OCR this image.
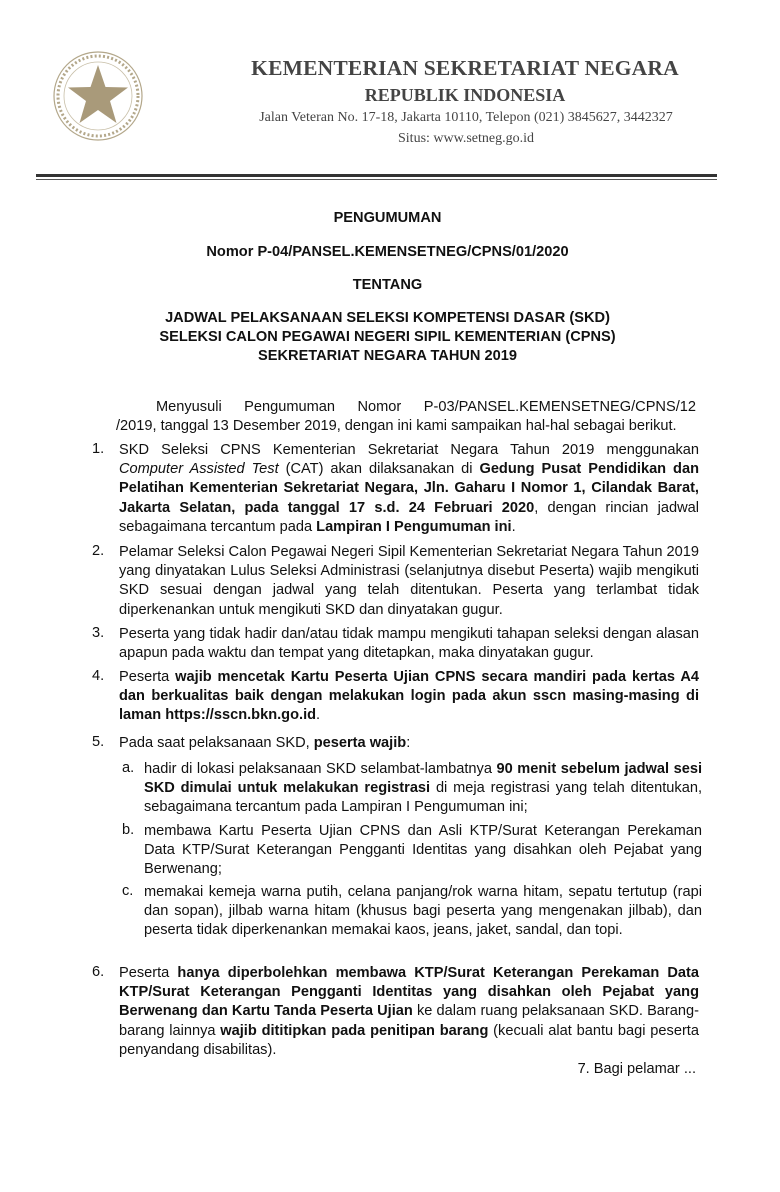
KEMENTERIAN SEKRETARIAT NEGARA
REPUBLIK INDONESIA
Jalan Veteran No. 17-18, Jakarta 10110, Telepon (021) 3845627, 3442327
Situs: www.setneg.go.id
PENGUMUMAN
Nomor P-04/PANSEL.KEMENSETNEG/CPNS/01/2020
TENTANG
JADWAL PELAKSANAAN SELEKSI KOMPETENSI DASAR (SKD)
SELEKSI CALON PEGAWAI NEGERI SIPIL KEMENTERIAN (CPNS)
SEKRETARIAT NEGARA TAHUN 2019
Menyusuli Pengumuman Nomor P-03/PANSEL.KEMENSETNEG/CPNS/12
/2019, tanggal 13 Desember 2019, dengan ini kami sampaikan hal-hal sebagai berikut.
1. SKD Seleksi CPNS Kementerian Sekretariat Negara Tahun 2019 menggunakan Computer Assisted Test (CAT) akan dilaksanakan di Gedung Pusat Pendidikan dan Pelatihan Kementerian Sekretariat Negara, Jln. Gaharu I Nomor 1, Cilandak Barat, Jakarta Selatan, pada tanggal 17 s.d. 24 Februari 2020, dengan rincian jadwal sebagaimana tercantum pada Lampiran I Pengumuman ini.
2. Pelamar Seleksi Calon Pegawai Negeri Sipil Kementerian Sekretariat Negara Tahun 2019 yang dinyatakan Lulus Seleksi Administrasi (selanjutnya disebut Peserta) wajib mengikuti SKD sesuai dengan jadwal yang telah ditentukan. Peserta yang terlambat tidak diperkenankan untuk mengikuti SKD dan dinyatakan gugur.
3. Peserta yang tidak hadir dan/atau tidak mampu mengikuti tahapan seleksi dengan alasan apapun pada waktu dan tempat yang ditetapkan, maka dinyatakan gugur.
4. Peserta wajib mencetak Kartu Peserta Ujian CPNS secara mandiri pada kertas A4 dan berkualitas baik dengan melakukan login pada akun sscn masing-masing di laman https://sscn.bkn.go.id.
5. Pada saat pelaksanaan SKD, peserta wajib:
a. hadir di lokasi pelaksanaan SKD selambat-lambatnya 90 menit sebelum jadwal sesi SKD dimulai untuk melakukan registrasi di meja registrasi yang telah ditentukan, sebagaimana tercantum pada Lampiran I Pengumuman ini;
b. membawa Kartu Peserta Ujian CPNS dan Asli KTP/Surat Keterangan Perekaman Data KTP/Surat Keterangan Pengganti Identitas yang disahkan oleh Pejabat yang Berwenang;
c. memakai kemeja warna putih, celana panjang/rok warna hitam, sepatu tertutup (rapi dan sopan), jilbab warna hitam (khusus bagi peserta yang mengenakan jilbab), dan peserta tidak diperkenankan memakai kaos, jeans, jaket, sandal, dan topi.
6. Peserta hanya diperbolehkan membawa KTP/Surat Keterangan Perekaman Data KTP/Surat Keterangan Pengganti Identitas yang disahkan oleh Pejabat yang Berwenang dan Kartu Tanda Peserta Ujian ke dalam ruang pelaksanaan SKD. Barang-barang lainnya wajib dititipkan pada penitipan barang (kecuali alat bantu bagi peserta penyandang disabilitas).
7. Bagi pelamar ...
